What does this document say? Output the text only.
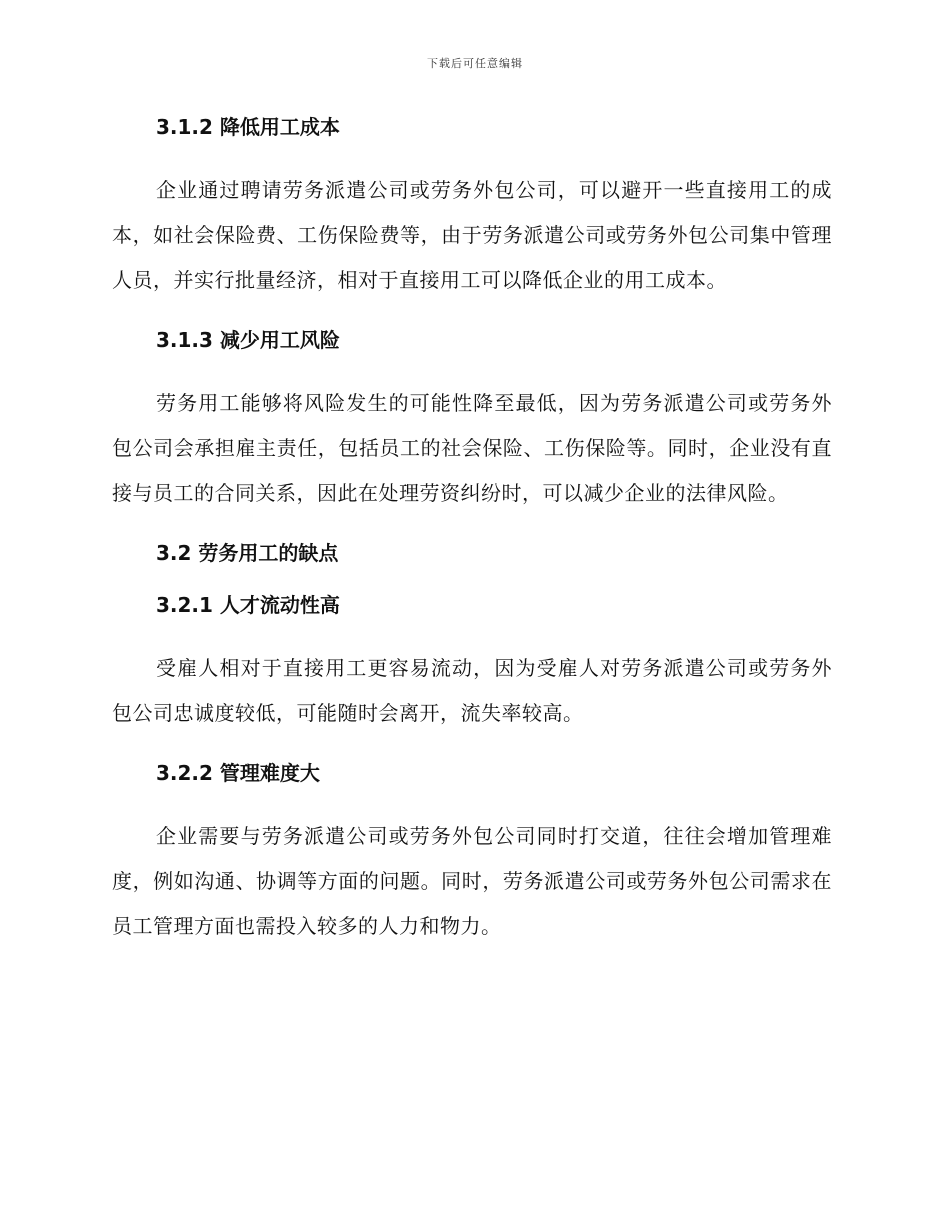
下载后可任意编辑
3.1.2 降低用工成本

企业通过聘请劳务派遣公司或劳务外包公司，可以避开一些直接用工的成本，如社会保险费、工伤保险费等，由于劳务派遣公司或劳务外包公司集中管理人员，并实行批量经济，相对于直接用工可以降低企业的用工成本。

3.1.3 减少用工风险

劳务用工能够将风险发生的可能性降至最低，因为劳务派遣公司或劳务外包公司会承担雇主责任，包括员工的社会保险、工伤保险等。同时，企业没有直接与员工的合同关系，因此在处理劳资纠纷时，可以减少企业的法律风险。

3.2 劳务用工的缺点
3.2.1 人才流动性高

受雇人相对于直接用工更容易流动，因为受雇人对劳务派遣公司或劳务外包公司忠诚度较低，可能随时会离开，流失率较高。

3.2.2 管理难度大

企业需要与劳务派遣公司或劳务外包公司同时打交道，往往会增加管理难度，例如沟通、协调等方面的问题。同时，劳务派遣公司或劳务外包公司需求在员工管理方面也需投入较多的人力和物力。
